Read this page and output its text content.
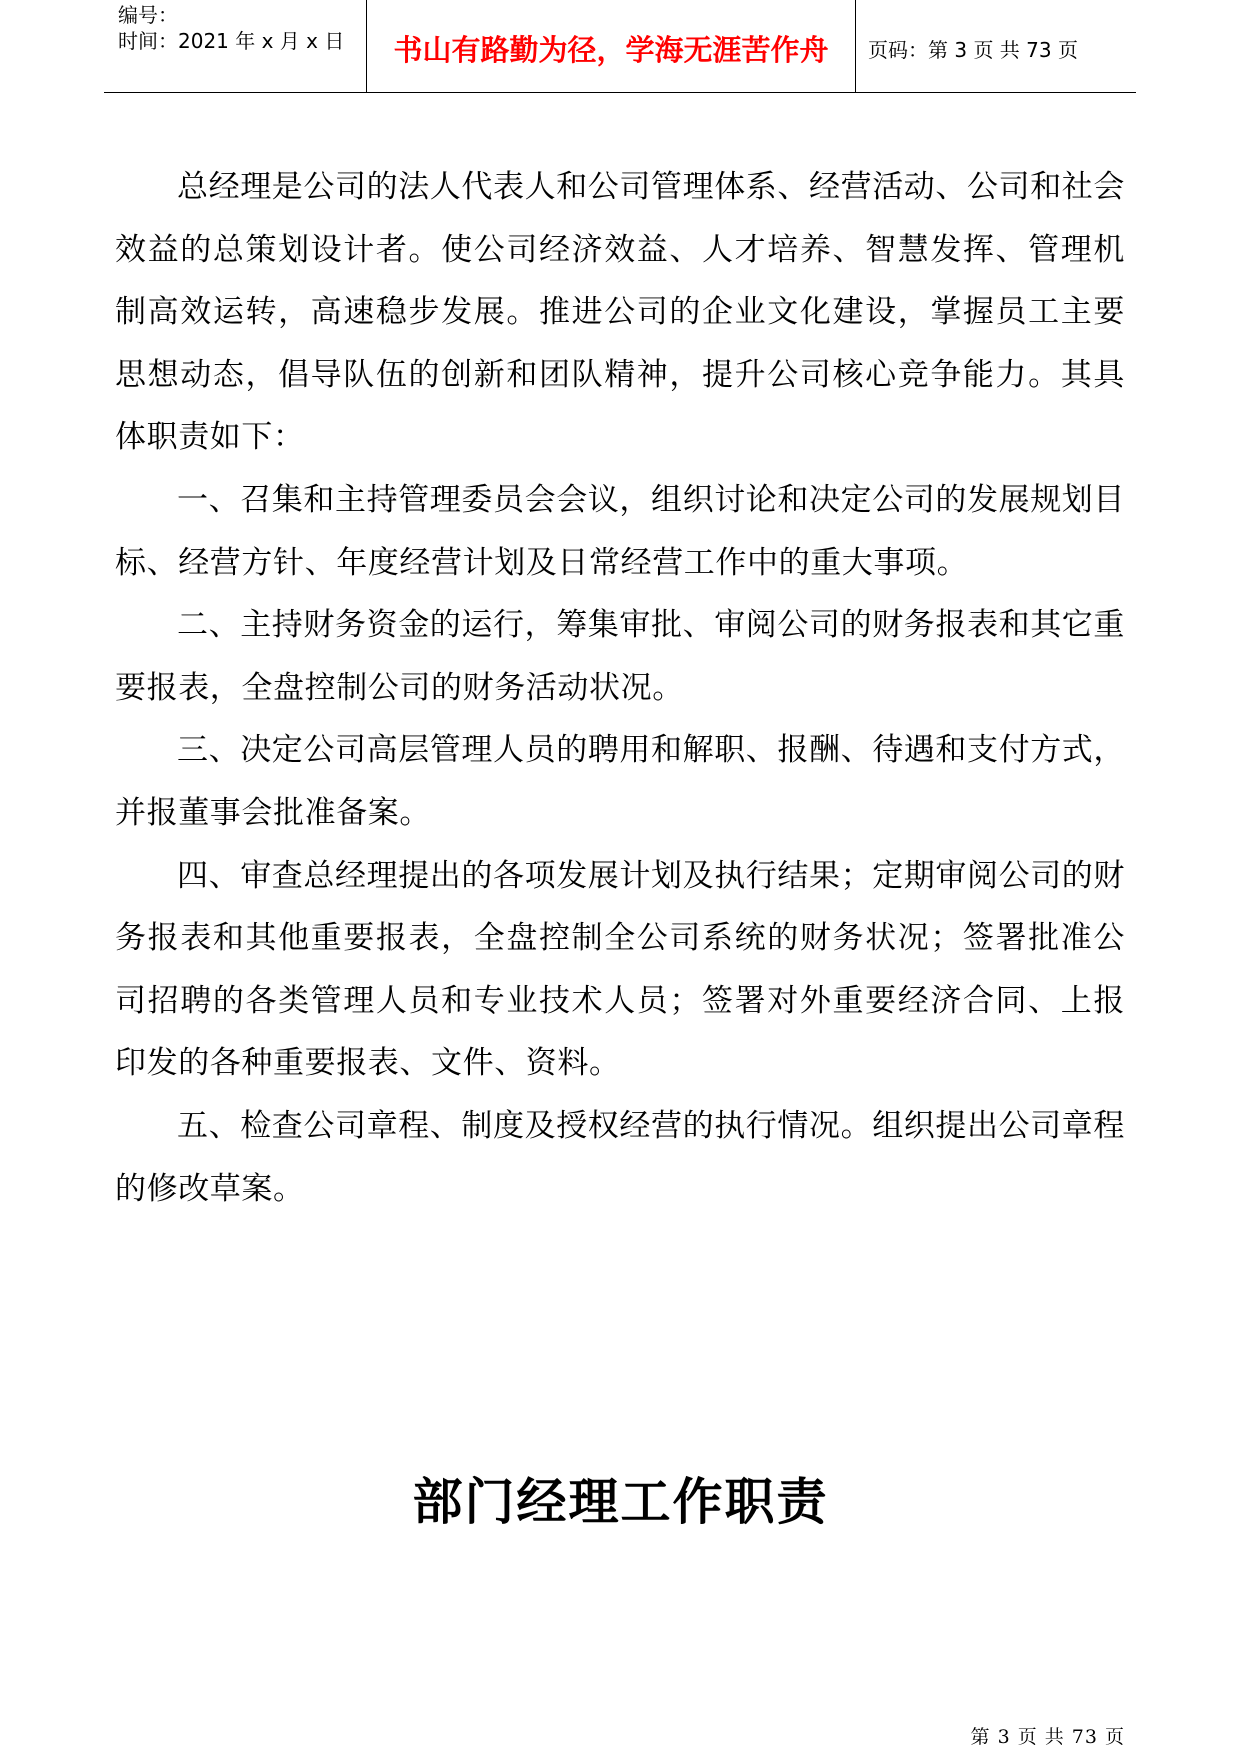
编号：
时间：2021 年 x 月 x 日	书山有路勤为径，学海无涯苦作舟	页码：第 3 页 共 73 页

总经理是公司的法人代表人和公司管理体系、经营活动、公司和社会效益的总策划设计者。使公司经济效益、人才培养、智慧发挥、管理机制高效运转，高速稳步发展。推进公司的企业文化建设，掌握员工主要思想动态，倡导队伍的创新和团队精神，提升公司核心竞争能力。其具体职责如下：

一、召集和主持管理委员会会议，组织讨论和决定公司的发展规划目标、经营方针、年度经营计划及日常经营工作中的重大事项。

二、主持财务资金的运行，筹集审批、审阅公司的财务报表和其它重要报表，全盘控制公司的财务活动状况。

三、决定公司高层管理人员的聘用和解职、报酬、待遇和支付方式，并报董事会批准备案。

四、审查总经理提出的各项发展计划及执行结果；定期审阅公司的财务报表和其他重要报表，全盘控制全公司系统的财务状况；签署批准公司招聘的各类管理人员和专业技术人员；签署对外重要经济合同、上报印发的各种重要报表、文件、资料。

五、检查公司章程、制度及授权经营的执行情况。组织提出公司章程的修改草案。

部门经理工作职责
第 3 页 共 73 页
